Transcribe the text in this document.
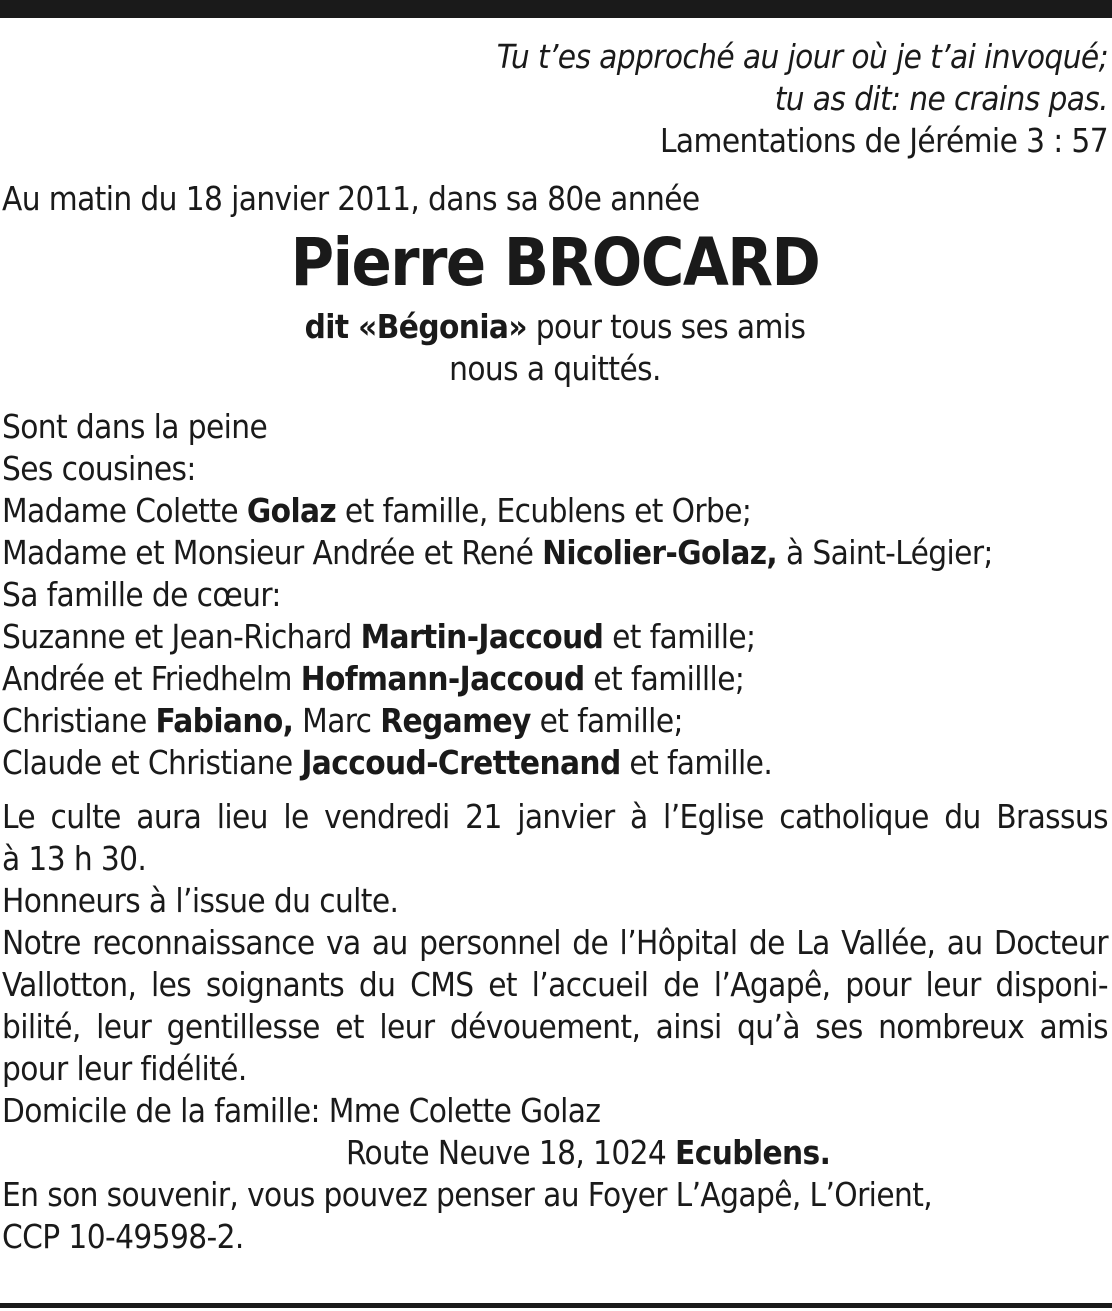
Tu t’es approché au jour où je t’ai invoqué;
tu as dit: ne crains pas.
Lamentations de Jérémie 3 : 57
Au matin du 18 janvier 2011, dans sa 80e année
Pierre BROCARD
dit «Bégonia» pour tous ses amis
nous a quittés.
Sont dans la peine
Ses cousines:
Madame Colette Golaz et famille, Ecublens et Orbe;
Madame et Monsieur Andrée et René Nicolier-Golaz, à Saint-Légier;
Sa famille de cœur:
Suzanne et Jean-Richard Martin-Jaccoud et famille;
Andrée et Friedhelm Hofmann-Jaccoud et famillle;
Christiane Fabiano, Marc Regamey et famille;
Claude et Christiane Jaccoud-Crettenand et famille.
Le culte aura lieu le vendredi 21 janvier à l’Eglise catholique du Brassus
à 13 h 30.
Honneurs à l’issue du culte.
Notre reconnaissance va au personnel de l’Hôpital de La Vallée, au Docteur
Vallotton, les soignants du CMS et l’accueil de l’Agapê, pour leur disponi-
bilité, leur gentillesse et leur dévouement, ainsi qu’à ses nombreux amis
pour leur fidélité.
Domicile de la famille: Mme Colette Golaz
Route Neuve 18, 1024 Ecublens.
En son souvenir, vous pouvez penser au Foyer L’Agapê, L’Orient,
CCP 10-49598-2.
